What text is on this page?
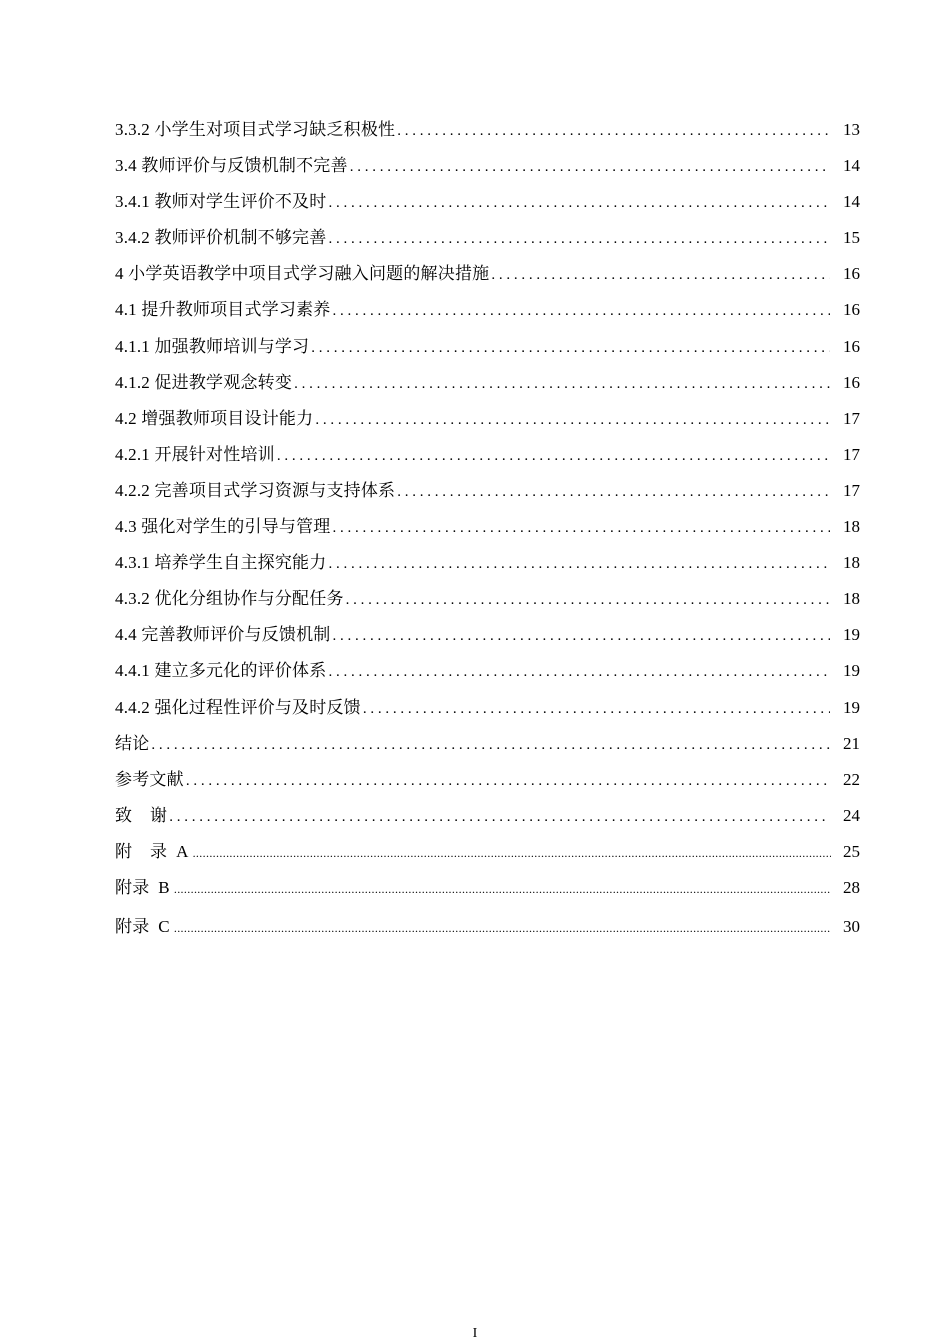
3.3.2 小学生对项目式学习缺乏积极性 . . .	13
3.4 教师评价与反馈机制不完善 . . .	14
3.4.1 教师对学生评价不及时 . . .	14
3.4.2 教师评价机制不够完善 . . .	15
4 小学英语教学中项目式学习融入问题的解决措施 . . .	16
4.1 提升教师项目式学习素养 . . .	16
4.1.1 加强教师培训与学习 . . .	16
4.1.2 促进教学观念转变 . . .	16
4.2 增强教师项目设计能力 . . .	17
4.2.1 开展针对性培训 . . .	17
4.2.2 完善项目式学习资源与支持体系 . . .	17
4.3 强化对学生的引导与管理 . . .	18
4.3.1 培养学生自主探究能力 . . .	18
4.3.2 优化分组协作与分配任务 . . .	18
4.4 完善教师评价与反馈机制 . . .	19
4.4.1 建立多元化的评价体系 . . .	19
4.4.2 强化过程性评价与及时反馈 . . .	19
结论 . . .	21
参考文献 . . .	22
致    谢 . . .	24
附    录  A .....	25
附录  B .....	28
附录  C .....	30
I
